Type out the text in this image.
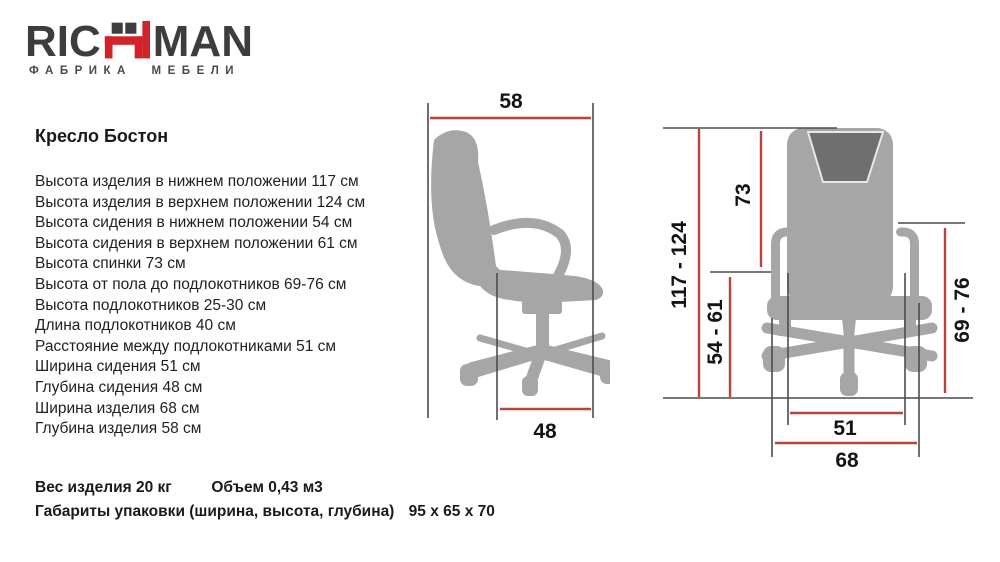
RIC MAN
ФАБРИКА МЕБЕЛИ
Кресло Бостон
Высота изделия в нижнем положении 117 см
Высота изделия в верхнем положении 124 см
Высота сидения в нижнем положении 54 см
Высота сидения в верхнем положении 61 см
Высота спинки 73 см
Высота от пола до подлокотников 69-76 см
Высота подлокотников 25-30 см
Длина подлокотников 40 см
Расстояние между подлокотниками 51 см
Ширина сидения 51 см
Глубина сидения 48 см
Ширина изделия 68 см
Глубина изделия 58 см
Вес изделия 20 кг	Объем 0,43 м3
Габариты упаковки (ширина, высота, глубина) 95 х 65 х 70
58
48
117 - 124
73
54 - 61	69 - 76
51
68
